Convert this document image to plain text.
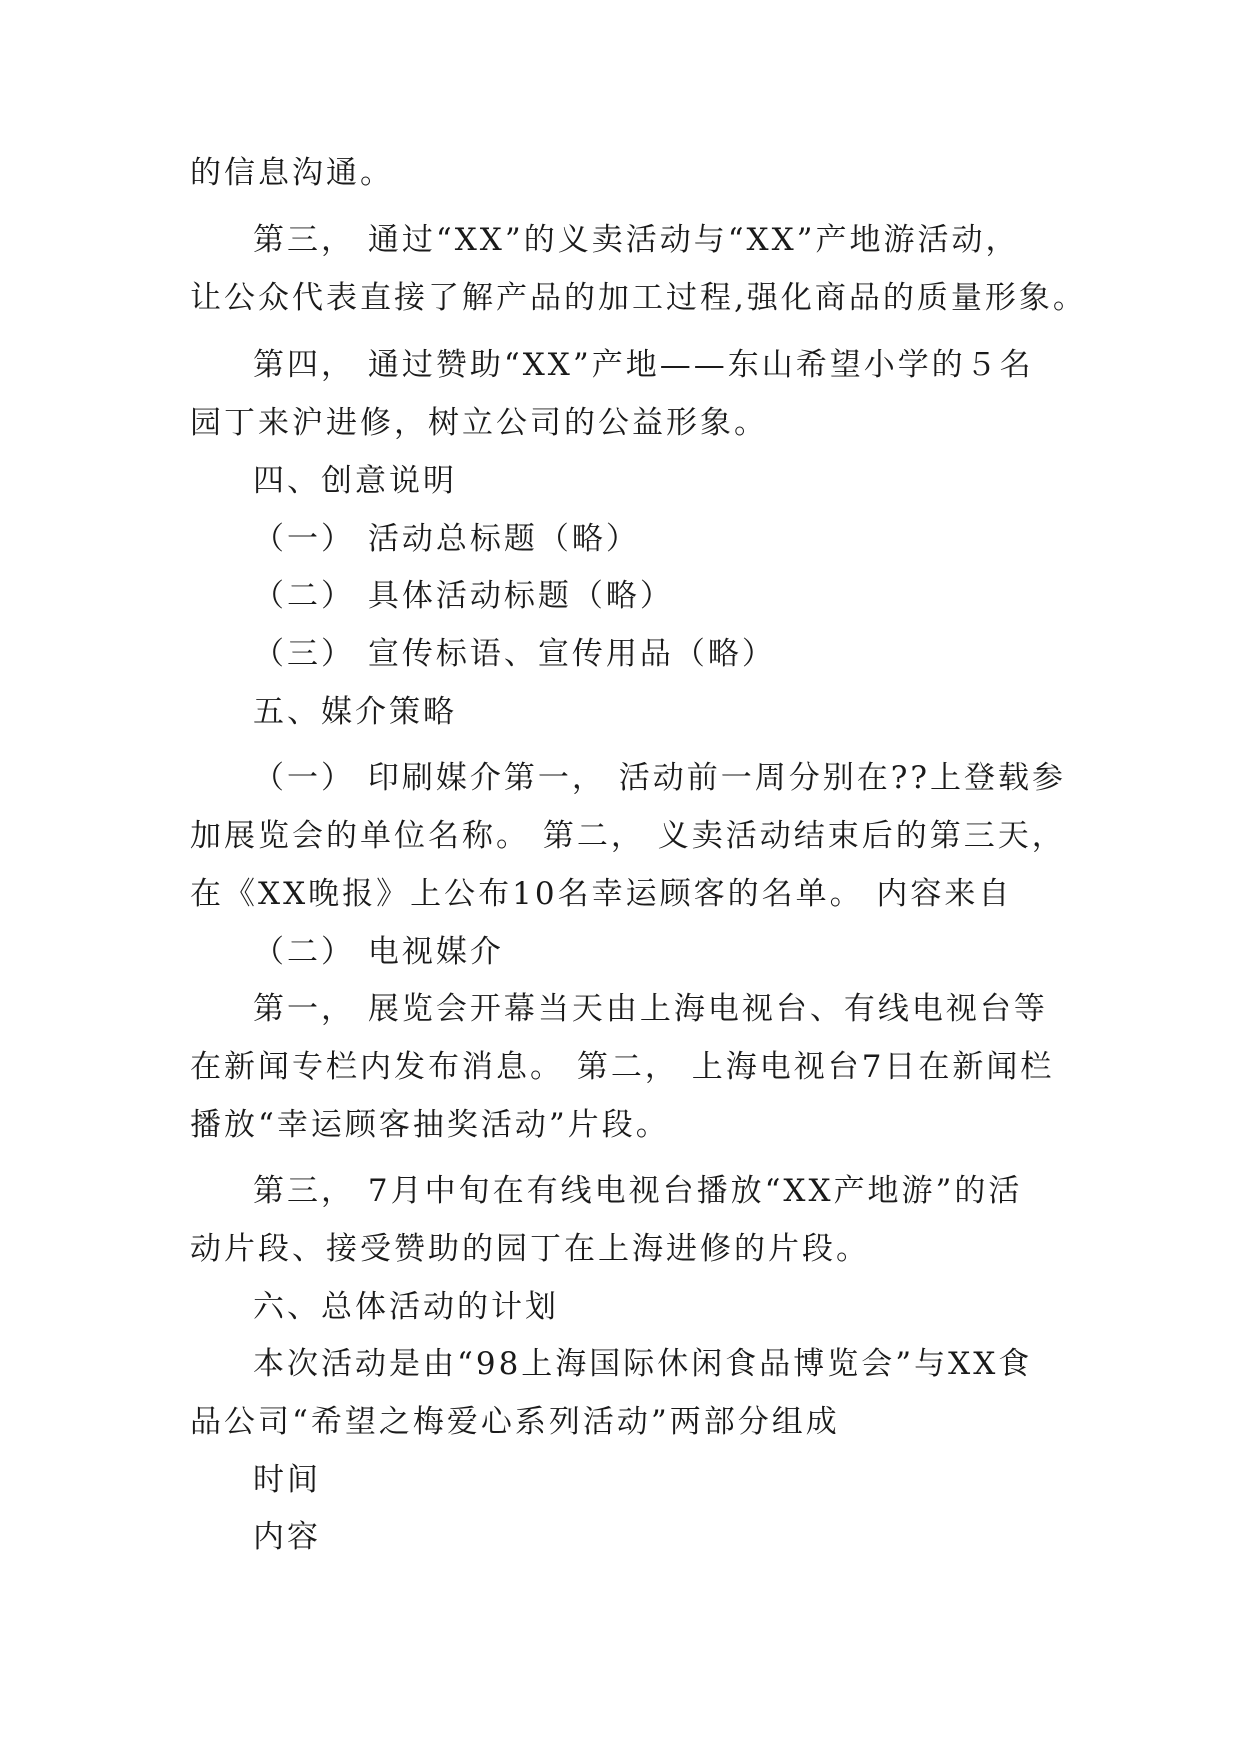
的信息沟通。
第三， 通过“XX”的义卖活动与“XX”产地游活动，
让公众代表直接了解产品的加工过程,强化商品的质量形象。
第四， 通过赞助“XX”产地——东山希望小学的５名
园丁来沪进修，树立公司的公益形象。
四、创意说明
（一） 活动总标题（略）
（二） 具体活动标题（略）
（三） 宣传标语、宣传用品（略）
五、媒介策略
（一） 印刷媒介第一， 活动前一周分别在??上登载参
加展览会的单位名称。 第二， 义卖活动结束后的第三天，
在《XX晚报》上公布10名幸运顾客的名单。 内容来自
（二） 电视媒介
第一， 展览会开幕当天由上海电视台、有线电视台等
在新闻专栏内发布消息。 第二， 上海电视台7日在新闻栏
播放“幸运顾客抽奖活动”片段。
第三， 7月中旬在有线电视台播放“XX产地游”的活
动片段、接受赞助的园丁在上海进修的片段。
六、总体活动的计划
本次活动是由“98上海国际休闲食品博览会”与XX食
品公司“希望之梅爱心系列活动”两部分组成
时间
内容
